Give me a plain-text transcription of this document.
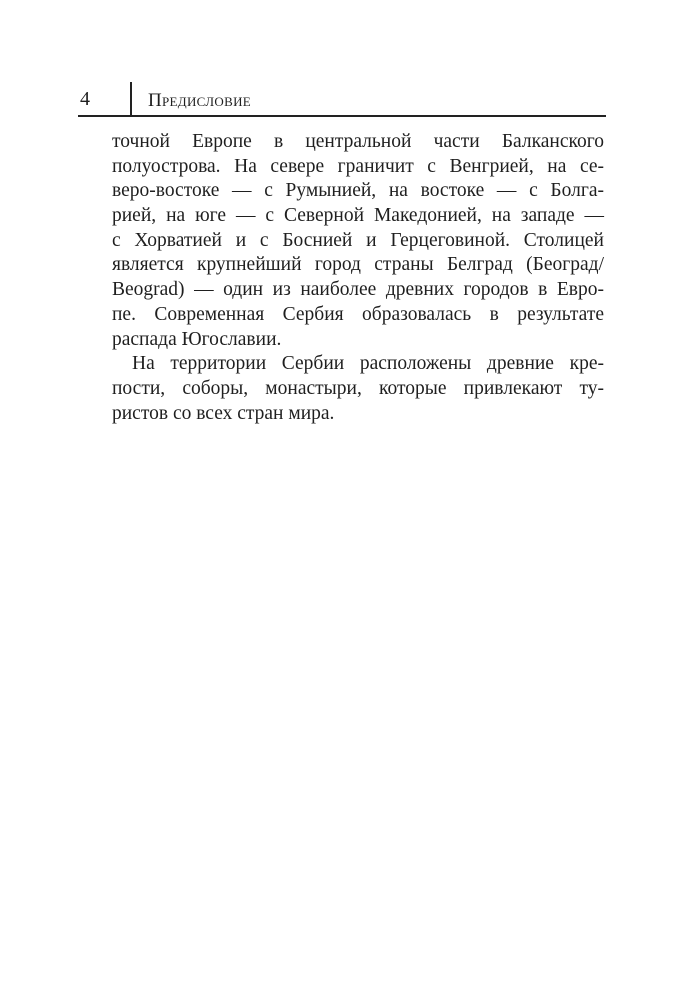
4	Предисловие
точной Европе в центральной части Балканского
полуострова. На севере граничит с Венгрией, на се-
веро-востоке — с Румынией, на востоке — с Болга-
рией, на юге — с Северной Македонией, на западе —
с Хорватией и с Боснией и Герцеговиной. Столицей
является крупнейший город страны Белград (Београд/
Beograd) — один из наиболее древних городов в Евро-
пе. Современная Сербия образовалась в результате
распада Югославии.
На территории Сербии расположены древние кре-
пости, соборы, монастыри, которые привлекают ту-
ристов со всех стран мира.
